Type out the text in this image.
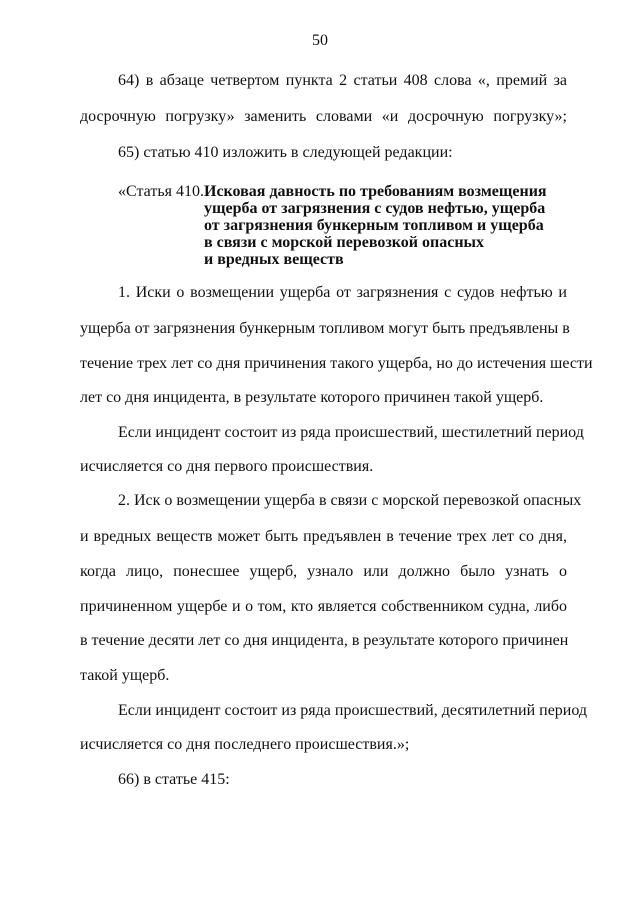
50
64) в абзаце четвертом пункта 2 статьи 408 слова «, премий за
досрочную погрузку» заменить словами «и досрочную погрузку»;
65) статью 410 изложить в следующей редакции:
«Статья 410. Исковая давность по требованиям возмещения
ущерба от загрязнения с судов нефтью, ущерба
от загрязнения бункерным топливом и ущерба
в связи с морской перевозкой опасных
и вредных веществ
1. Иски о возмещении ущерба от загрязнения с судов нефтью и
ущерба от загрязнения бункерным топливом могут быть предъявлены в
течение трех лет со дня причинения такого ущерба, но до истечения шести
лет со дня инцидента, в результате которого причинен такой ущерб.
Если инцидент состоит из ряда происшествий, шестилетний период
исчисляется со дня первого происшествия.
2. Иск о возмещении ущерба в связи с морской перевозкой опасных
и вредных веществ может быть предъявлен в течение трех лет со дня,
когда лицо, понесшее ущерб, узнало или должно было узнать о
причиненном ущербе и о том, кто является собственником судна, либо
в течение десяти лет со дня инцидента, в результате которого причинен
такой ущерб.
Если инцидент состоит из ряда происшествий, десятилетний период
исчисляется со дня последнего происшествия.»;
66) в статье 415:
